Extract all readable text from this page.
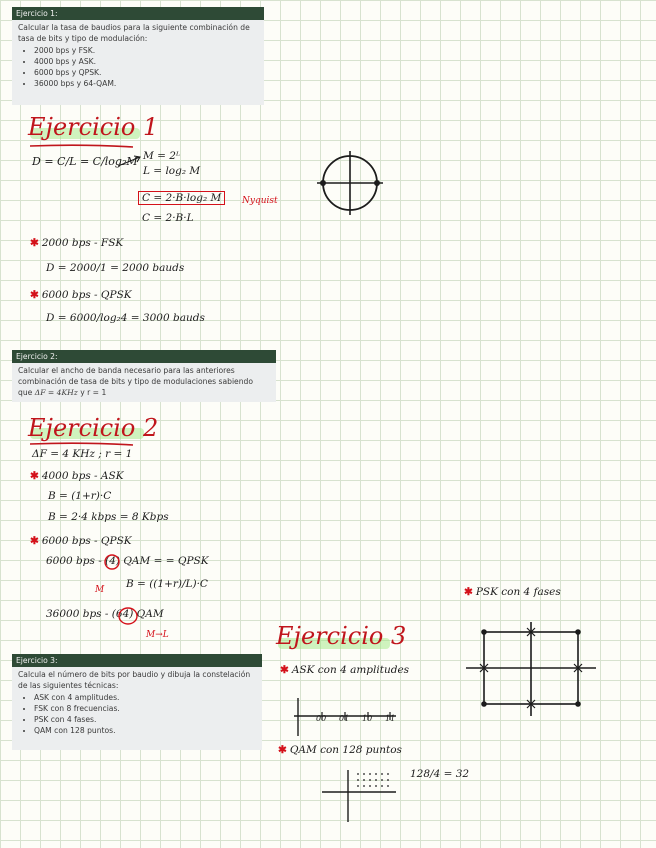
Ejercicio 1:
Calcular la tasa de baudios para la siguiente combinación de tasa de bits y tipo de modulación:
• 2000 bps y FSK.
• 4000 bps y ASK.
• 6000 bps y QPSK.
• 36000 bps y 64-QAM.
Ejercicio 1
D = C/L = C/log₂M M = 2ᴸ
L = log₂ M
C = 2·B·log₂ M	Nyquist
C = 2·B·L
✱ 2000 bps - FSK
D = 2000/1 = 2000 bauds
✱ 6000 bps - QPSK
D = 6000/log₂4 = 3000 bauds
Ejercicio 2:
Calcular el ancho de banda necesario para las anteriores
combinación de tasa de bits y tipo de modulaciones sabiendo
que ΔF = 4KHz y r = 1
Ejercicio 2
ΔF = 4 KHz ; r = 1
✱ 4000 bps - ASK
B = (1+r)·C
B = 2·4 kbps = 8 Kbps
✱ 6000 bps - QPSK
6000 bps - (4) QAM = = QPSK
M B = ((1+r)/L)·C
36000 bps - (64) QAM
M→L
Ejercicio 3:
Calcula el número de bits por baudio y dibuja la constelación de las siguientes técnicas:
• ASK con 4 amplitudes.
• FSK con 8 frecuencias.
• PSK con 4 fases.
• QAM con 128 puntos.
Ejercicio 3
✱ ASK con 4 amplitudes
00 01 10 11
✱ QAM con 128 puntos
128/4 = 32
✱ PSK con 4 fases
